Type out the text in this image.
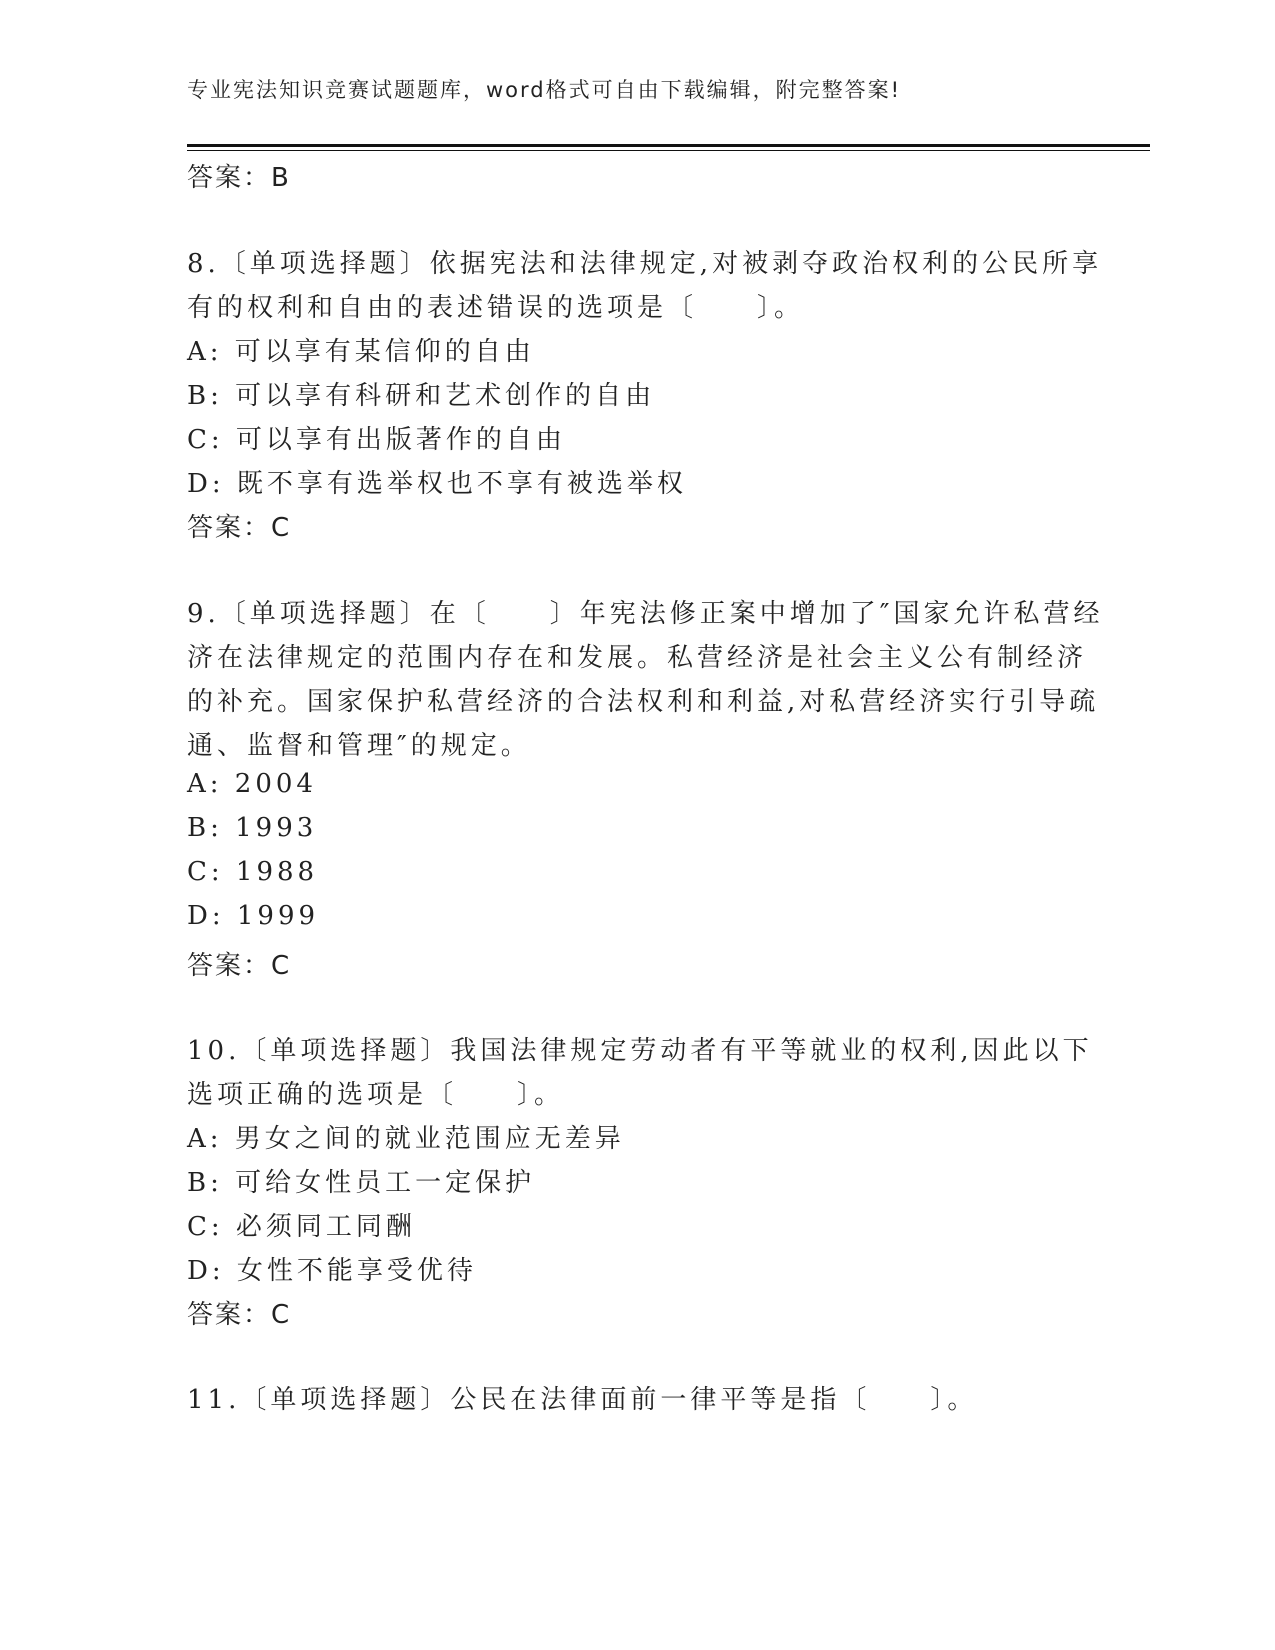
专业宪法知识竞赛试题题库，word格式可自由下载编辑，附完整答案!
答案：B
8.〔单项选择题〕依据宪法和法律规定,对被剥夺政治权利的公民所享
有的权利和自由的表述错误的选项是〔　　〕。
A: 可以享有某信仰的自由
B: 可以享有科研和艺术创作的自由
C: 可以享有出版著作的自由
D: 既不享有选举权也不享有被选举权
答案：C
9.〔单项选择题〕在〔　　〕年宪法修正案中增加了″国家允许私营经
济在法律规定的范围内存在和发展。私营经济是社会主义公有制经济
的补充。国家保护私营经济的合法权利和利益,对私营经济实行引导疏
通、监督和管理″的规定。
A: 2004
B: 1993
C: 1988
D: 1999
答案：C
10.〔单项选择题〕我国法律规定劳动者有平等就业的权利,因此以下
选项正确的选项是〔　　〕。
A: 男女之间的就业范围应无差异
B: 可给女性员工一定保护
C: 必须同工同酬
D: 女性不能享受优待
答案：C
11.〔单项选择题〕公民在法律面前一律平等是指〔　　〕。
